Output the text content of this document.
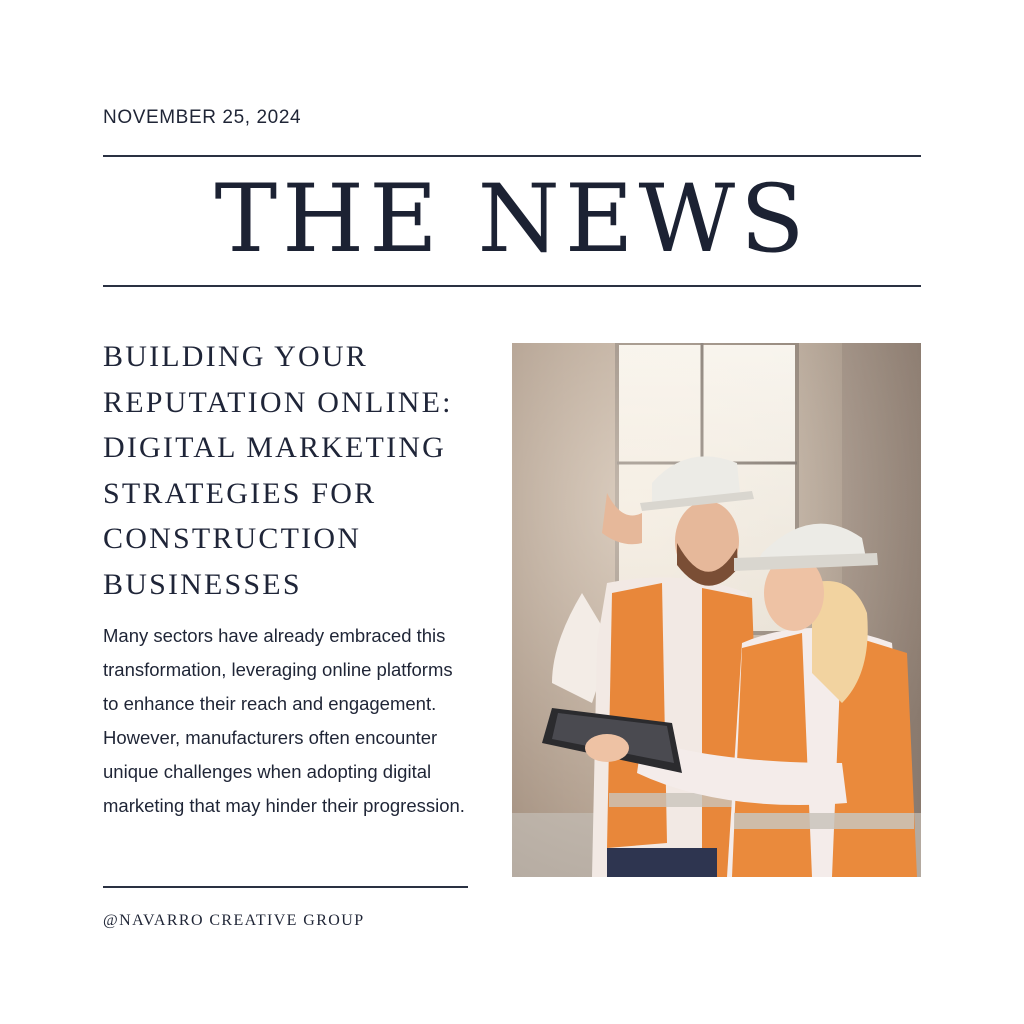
NOVEMBER 25, 2024
THE NEWS
BUILDING YOUR REPUTATION ONLINE: DIGITAL MARKETING STRATEGIES FOR CONSTRUCTION BUSINESSES

Many sectors have already embraced this transformation, leveraging online platforms to enhance their reach and engagement. However, manufacturers often encounter unique challenges when adopting digital marketing that may hinder their progression.

@NAVARRO CREATIVE GROUP
